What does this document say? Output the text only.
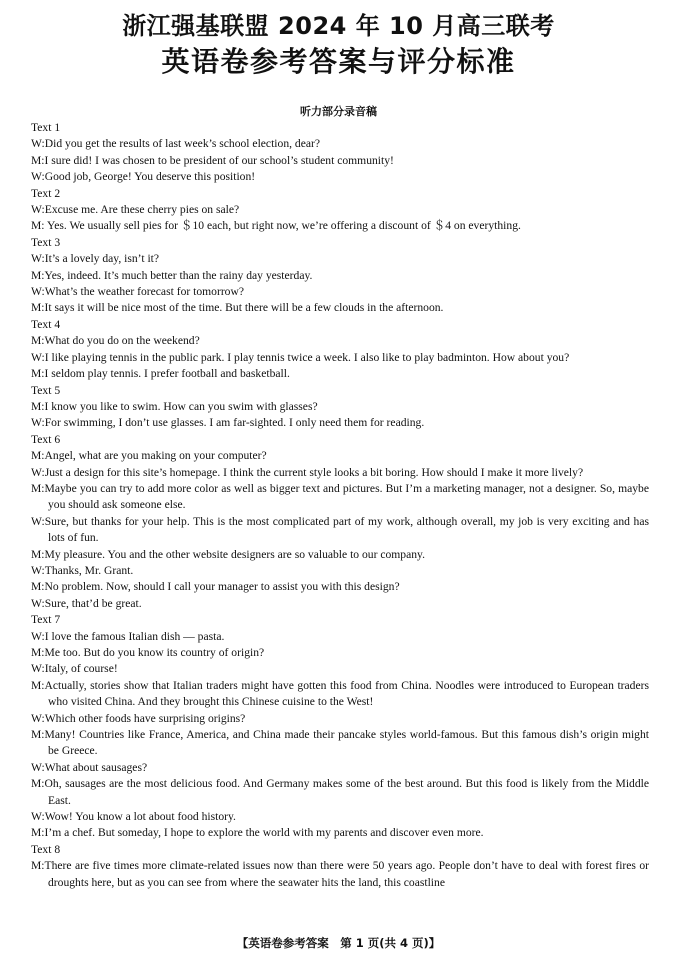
浙江强基联盟 2024 年 10 月高三联考
英语卷参考答案与评分标准
听力部分录音稿

Text 1

W:Did you get the results of last week’s school election, dear?

M:I sure did! I was chosen to be president of our school’s student community!

W:Good job, George! You deserve this position!

Text 2

W:Excuse me. Are these cherry pies on sale?

M: Yes. We usually sell pies for ＄10 each, but right now, we’re offering a discount of ＄4 on everything.

Text 3

W:It’s a lovely day, isn’t it?

M:Yes, indeed. It’s much better than the rainy day yesterday.

W:What’s the weather forecast for tomorrow?

M:It says it will be nice most of the time. But there will be a few clouds in the afternoon.

Text 4

M:What do you do on the weekend?

W:I like playing tennis in the public park. I play tennis twice a week. I also like to play badminton. How about you?

M:I seldom play tennis. I prefer football and basketball.

Text 5

M:I know you like to swim. How can you swim with glasses?

W:For swimming, I don’t use glasses. I am far-sighted. I only need them for reading.

Text 6

M:Angel, what are you making on your computer?

W:Just a design for this site’s homepage. I think the current style looks a bit boring. How should I make it more lively?

M:Maybe you can try to add more color as well as bigger text and pictures. But I’m a marketing manager, not a designer. So, maybe you should ask someone else.

W:Sure, but thanks for your help. This is the most complicated part of my work, although overall, my job is very exciting and has lots of fun.

M:My pleasure. You and the other website designers are so valuable to our company.

W:Thanks, Mr. Grant.

M:No problem. Now, should I call your manager to assist you with this design?

W:Sure, that’d be great.

Text 7

W:I love the famous Italian dish — pasta.

M:Me too. But do you know its country of origin?

W:Italy, of course!

M:Actually, stories show that Italian traders might have gotten this food from China. Noodles were introduced to European traders who visited China. And they brought this Chinese cuisine to the West!

W:Which other foods have surprising origins?

M:Many! Countries like France, America, and China made their pancake styles world-famous. But this famous dish’s origin might be Greece.

W:What about sausages?

M:Oh, sausages are the most delicious food. And Germany makes some of the best around. But this food is likely from the Middle East.

W:Wow! You know a lot about food history.

M:I’m a chef. But someday, I hope to explore the world with my parents and discover even more.

Text 8

M:There are five times more climate-related issues now than there were 50 years ago. People don’t have to deal with forest fires or droughts here, but as you can see from where the seawater hits the land, this coastline

【英语卷参考答案　第 1 页(共 4 页)】
